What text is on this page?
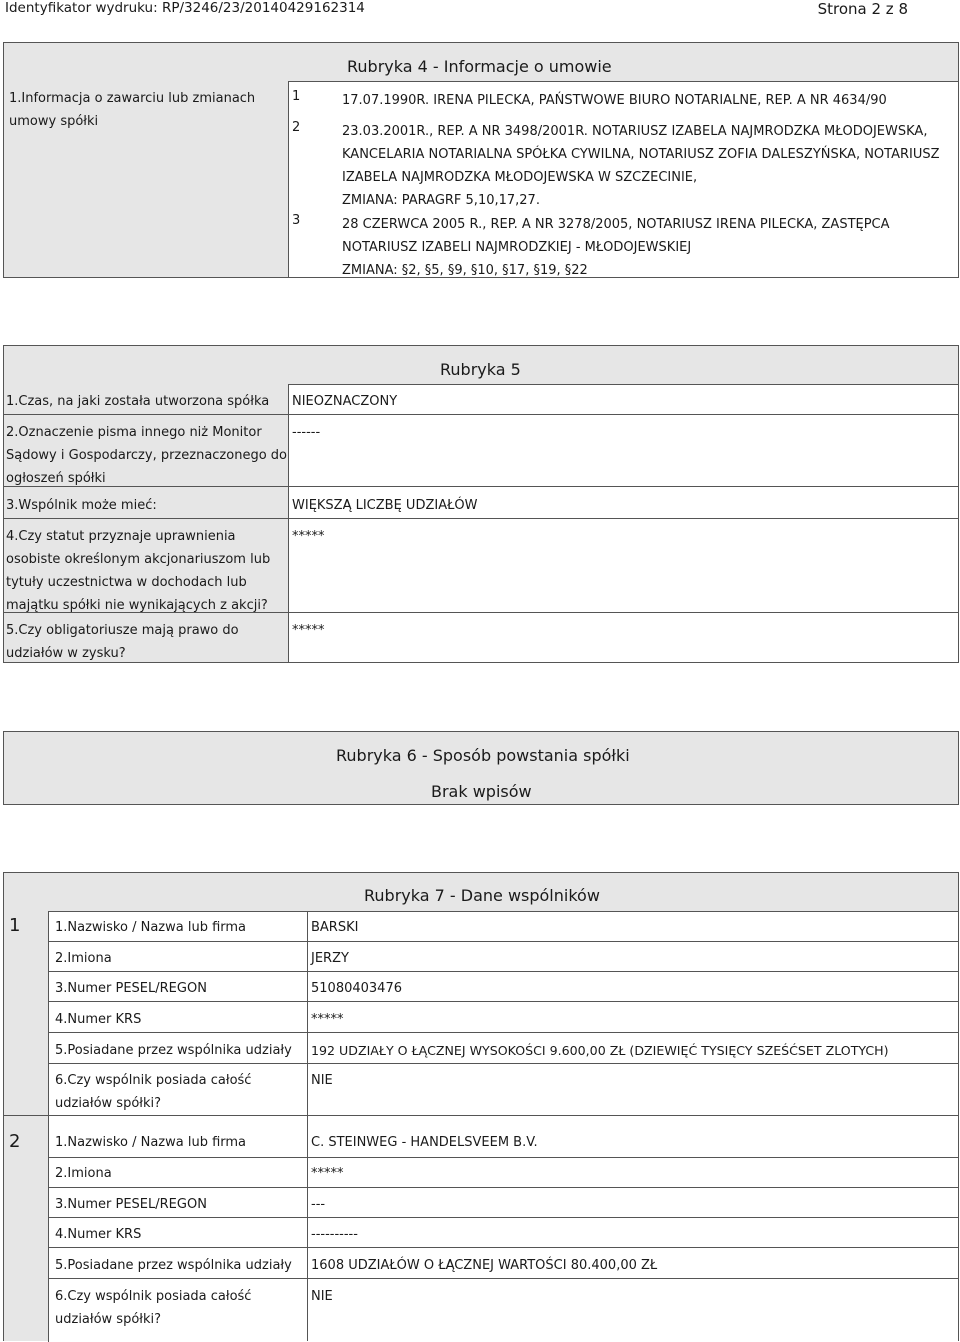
Identyfikator wydruku: RP/3246/23/20140429162314	Strona 2 z 8
Rubryka 4 - Informacje o umowie
1.Informacja o zawarciu lub zmianach
umowy spółki
1	17.07.1990R. IRENA PILECKA, PAŃSTWOWE BIURO NOTARIALNE, REP. A NR 4634/90
2	23.03.2001R., REP. A NR 3498/2001R. NOTARIUSZ IZABELA NAJMRODZKA MŁODOJEWSKA,
KANCELARIA NOTARIALNA SPÓŁKA CYWILNA, NOTARIUSZ ZOFIA DALESZYŃSKA, NOTARIUSZ
IZABELA NAJMRODZKA MŁODOJEWSKA W SZCZECINIE,
ZMIANA: PARAGRF 5,10,17,27.
3	28 CZERWCA 2005 R., REP. A NR 3278/2005, NOTARIUSZ IRENA PILECKA, ZASTĘPCA
NOTARIUSZ IZABELI NAJMRODZKIEJ - MŁODOJEWSKIEJ
ZMIANA: §2, §5, §9, §10, §17, §19, §22
Rubryka 5
1.Czas, na jaki została utworzona spółka NIEOZNACZONY
2.Oznaczenie pisma innego niż Monitor
Sądowy i Gospodarczy, przeznaczonego do
ogłoszeń spółki
------
3.Wspólnik może mieć:	WIĘKSZĄ LICZBĘ UDZIAŁÓW
4.Czy statut przyznaje uprawnienia
osobiste określonym akcjonariuszom lub
tytuły uczestnictwa w dochodach lub
majątku spółki nie wynikających z akcji?
*****
5.Czy obligatoriusze mają prawo do
udziałów w zysku?
*****
Rubryka 6 - Sposób powstania spółki
Brak wpisów
Rubryka 7 - Dane wspólników
1	1.Nazwisko / Nazwa lub firma	BARSKI
2.Imiona	JERZY
3.Numer PESEL/REGON	51080403476
4.Numer KRS	*****
5.Posiadane przez wspólnika udziały 192 UDZIAŁY O ŁĄCZNEJ WYSOKOŚCI 9.600,00 ZŁ (DZIEWIĘĆ TYSIĘCY SZEŚĆSET ZLOTYCH)
6.Czy wspólnik posiada całość
udziałów spółki?
NIE
2	1.Nazwisko / Nazwa lub firma	C. STEINWEG - HANDELSVEEM B.V.
2.Imiona	*****
3.Numer PESEL/REGON	---
4.Numer KRS	----------
5.Posiadane przez wspólnika udziały 1608 UDZIAŁÓW O ŁĄCZNEJ WARTOŚCI 80.400,00 ZŁ
6.Czy wspólnik posiada całość
udziałów spółki?
NIE
